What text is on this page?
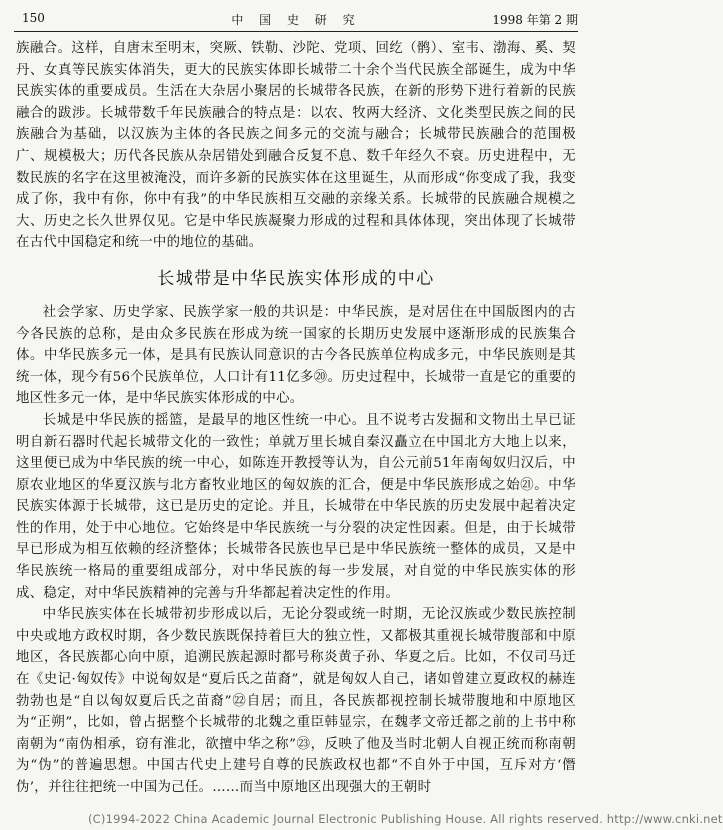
150	中 国 史 研 究	1998 年第 2 期

族融合。这样，自唐末至明末，突厥、铁勒、沙陀、党项、回纥（鹘）、室韦、渤海、奚、契丹、女真等民族实体消失，更大的民族实体即长城带二十余个当代民族全部诞生，成为中华民族实体的重要成员。生活在大杂居小聚居的长城带各民族，在新的形势下进行着新的民族融合的跋涉。长城带数千年民族融合的特点是：以农、牧两大经济、文化类型民族之间的民族融合为基础，以汉族为主体的各民族之间多元的交流与融合；长城带民族融合的范围极广、规模极大；历代各民族从杂居错处到融合反复不息、数千年经久不衰。历史进程中，无数民族的名字在这里被淹没，而许多新的民族实体在这里诞生，从而形成“你变成了我，我变成了你，我中有你，你中有我”的中华民族相互交融的亲缘关系。长城带的民族融合规模之大、历史之长久世界仅见。它是中华民族凝聚力形成的过程和具体体现，突出体现了长城带在古代中国稳定和统一中的地位的基础。

长城带是中华民族实体形成的中心

社会学家、历史学家、民族学家一般的共识是：中华民族，是对居住在中国版图内的古今各民族的总称，是由众多民族在形成为统一国家的长期历史发展中逐渐形成的民族集合体。中华民族多元一体，是具有民族认同意识的古今各民族单位构成多元，中华民族则是其统一体，现今有56个民族单位，人口计有11亿多⑳。历史过程中，长城带一直是它的重要的地区性多元一体，是中华民族实体形成的中心。

长城是中华民族的摇篮，是最早的地区性统一中心。且不说考古发掘和文物出土早已证明自新石器时代起长城带文化的一致性；单就万里长城自秦汉矗立在中国北方大地上以来，这里便已成为中华民族的统一中心，如陈连开教授等认为，自公元前51年南匈奴归汉后，中原农业地区的华夏汉族与北方畜牧业地区的匈奴族的汇合，便是中华民族形成之始㉑。中华民族实体源于长城带，这已是历史的定论。并且，长城带在中华民族的历史发展中起着决定性的作用，处于中心地位。它始终是中华民族统一与分裂的决定性因素。但是，由于长城带早已形成为相互依赖的经济整体；长城带各民族也早已是中华民族统一整体的成员，又是中华民族统一格局的重要组成部分，对中华民族的每一步发展，对自觉的中华民族实体的形成、稳定，对中华民族精神的完善与升华都起着决定性的作用。

中华民族实体在长城带初步形成以后，无论分裂或统一时期，无论汉族或少数民族控制中央或地方政权时期，各少数民族既保持着巨大的独立性，又都极其重视长城带腹部和中原地区，各民族都心向中原，追溯民族起源时都号称炎黄子孙、华夏之后。比如，不仅司马迁在《史记·匈奴传》中说匈奴是“夏后氏之苗裔”，就是匈奴人自己，诸如曾建立夏政权的赫连勃勃也是“自以匈奴夏后氏之苗裔”㉒自居；而且，各民族都视控制长城带腹地和中原地区为“正朔”，比如，曾占据整个长城带的北魏之重臣韩显宗，在魏孝文帝迁都之前的上书中称南朝为“南伪相承，窃有淮北，欲擅中华之称”㉓，反映了他及当时北朝人自视正统而称南朝为“伪”的普遍思想。中国古代史上建号自尊的民族政权也都“不自外于中国，互斥对方‘僭伪’，并往往把统一中国为己任。……而当中原地区出现强大的王朝时

(C)1994-2022 China Academic Journal Electronic Publishing House. All rights reserved. http://www.cnki.net
